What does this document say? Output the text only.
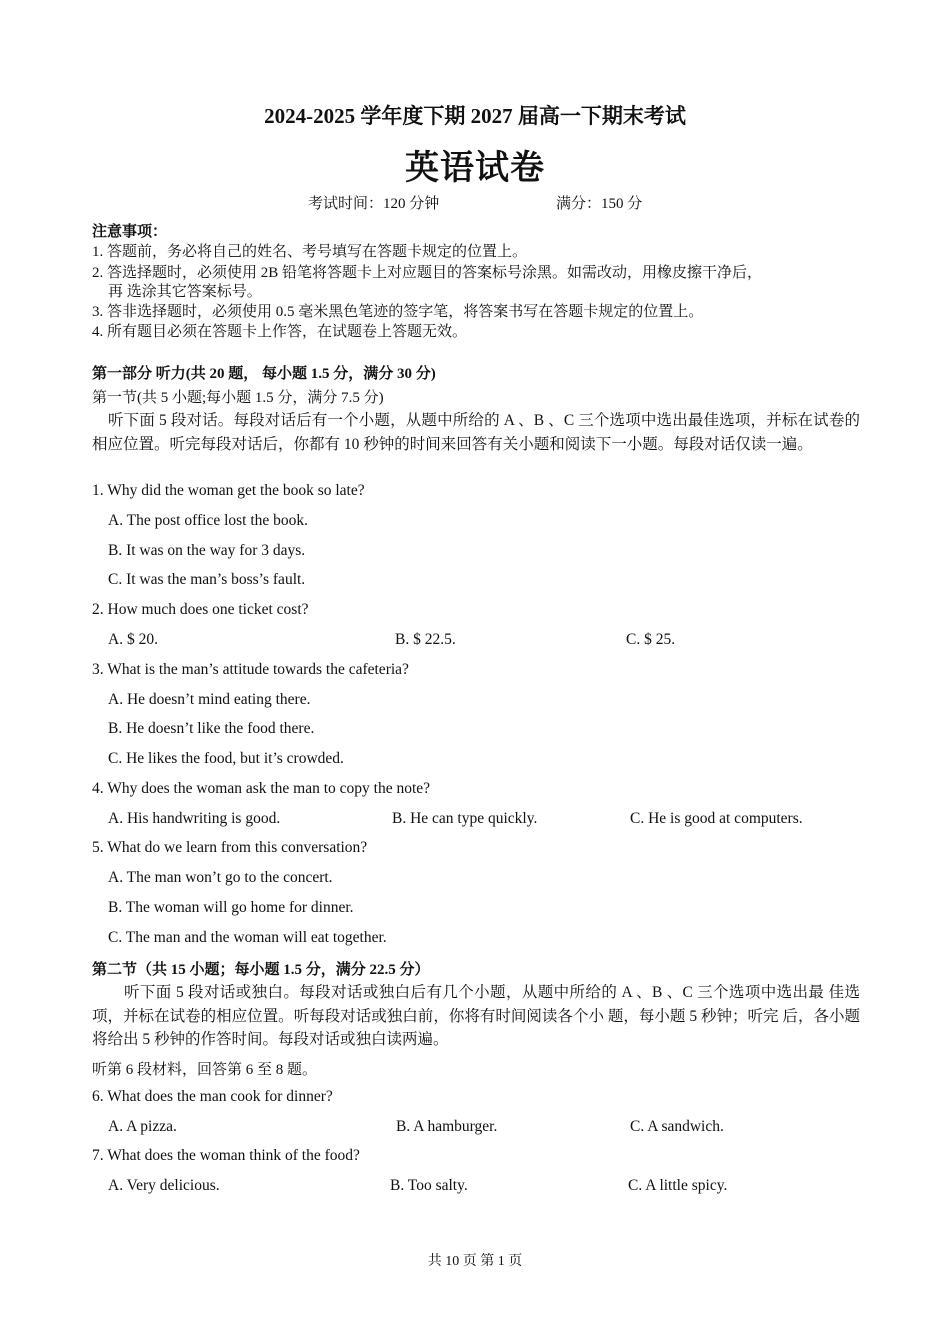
2024-2025 学年度下期 2027 届高一下期末考试
英语试卷
考试时间：120 分钟	满分：150 分
注意事项：
1. 答题前，务必将自己的姓名、考号填写在答题卡规定的位置上。
2. 答选择题时，必须使用 2B 铅笔将答题卡上对应题目的答案标号涂黑。如需改动，用橡皮擦干净后，
再 选涂其它答案标号。
3. 答非选择题时，必须使用 0.5 毫米黑色笔迹的签字笔，将答案书写在答题卡规定的位置上。
4. 所有题目必须在答题卡上作答，在试题卷上答题无效。
第一部分 听力(共 20 题， 每小题 1.5 分，满分 30 分)
第一节(共 5 小题;每小题 1.5 分，满分 7.5 分)
听下面 5 段对话。每段对话后有一个小题，从题中所给的 A 、B 、C 三个选项中选出最佳选项，并标在试卷的相应位置。听完每段对话后，你都有 10 秒钟的时间来回答有关小题和阅读下一小题。每段对话仅读一遍。
1. Why did the woman get the book so late?
A. The post office lost the book.
B. It was on the way for 3 days.
C. It was the man’s boss’s fault.
2. How much does one ticket cost?
A. $ 20.	B. $ 22.5.	C. $ 25.
3. What is the man’s attitude towards the cafeteria?
A. He doesn’t mind eating there.
B. He doesn’t like the food there.
C. He likes the food, but it’s crowded.
4. Why does the woman ask the man to copy the note?
A. His handwriting is good.	B. He can type quickly.	C. He is good at computers.
5. What do we learn from this conversation?
A. The man won’t go to the concert.
B. The woman will go home for dinner.
C. The man and the woman will eat together.
第二节（共 15 小题；每小题 1.5 分，满分 22.5 分）
听下面 5 段对话或独白。每段对话或独白后有几个小题，从题中所给的 A 、B 、C 三个选项中选出最 佳选项，并标在试卷的相应位置。听每段对话或独白前，你将有时间阅读各个小 题，每小题 5 秒钟；听完 后，各小题将给出 5 秒钟的作答时间。每段对话或独白读两遍。
听第 6 段材料，回答第 6 至 8 题。
6. What does the man cook for dinner?
A. A pizza.	B. A hamburger.	C. A sandwich.
7. What does the woman think of the food?
A. Very delicious.	B. Too salty.	C. A little spicy.
共 10 页 第 1 页
